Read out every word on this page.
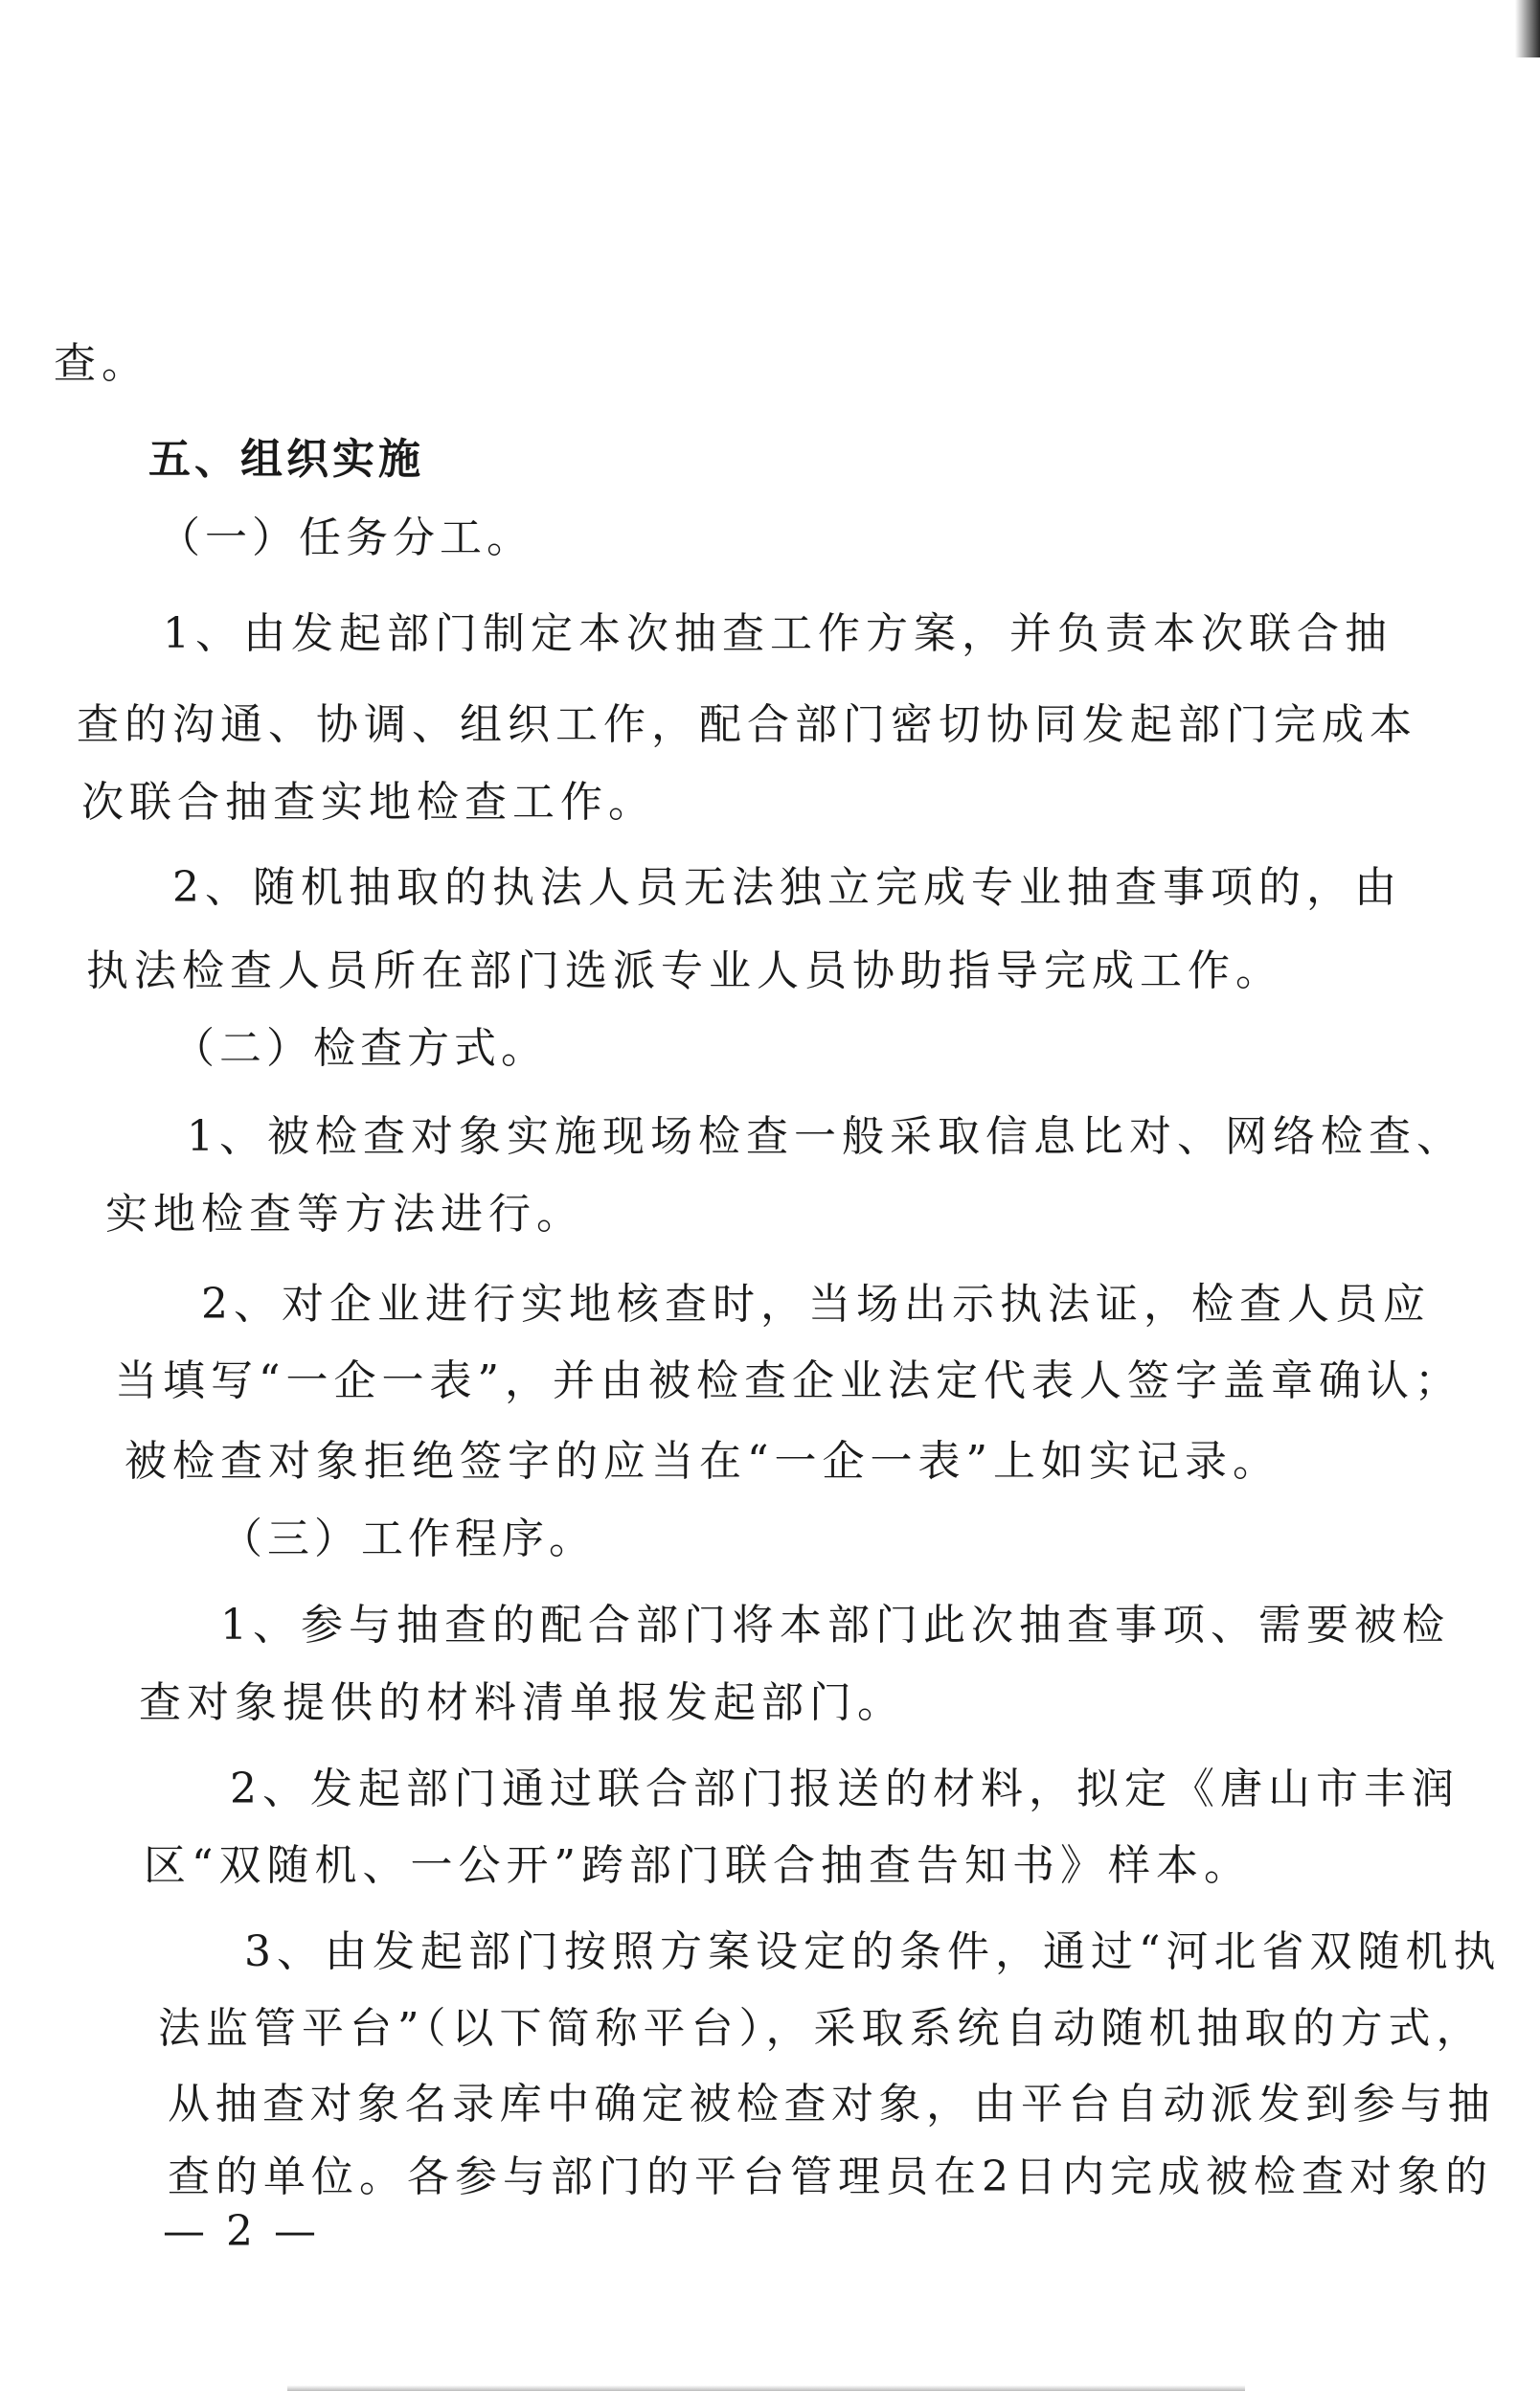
查。
五、组织实施
（一）任务分工。
1、由发起部门制定本次抽查工作方案，并负责本次联合抽
查的沟通、协调、组织工作，配合部门密切协同发起部门完成本
次联合抽查实地检查工作。
2、随机抽取的执法人员无法独立完成专业抽查事项的，由
执法检查人员所在部门选派专业人员协助指导完成工作。
（二）检查方式。
1、被检查对象实施现场检查一般采取信息比对、网络检查、
实地检查等方法进行。
2、对企业进行实地核查时，当场出示执法证，检查人员应
当填写“一企一表”，并由被检查企业法定代表人签字盖章确认；
被检查对象拒绝签字的应当在“一企一表”上如实记录。
（三）工作程序。
1、参与抽查的配合部门将本部门此次抽查事项、需要被检
查对象提供的材料清单报发起部门。
2、发起部门通过联合部门报送的材料，拟定《唐山市丰润
区“双随机、一公开”跨部门联合抽查告知书》样本。
3、由发起部门按照方案设定的条件，通过“河北省双随机执
法监管平台”（以下简称平台），采取系统自动随机抽取的方式，
从抽查对象名录库中确定被检查对象，由平台自动派发到参与抽
查的单位。各参与部门的平台管理员在2日内完成被检查对象的
— 2 —
